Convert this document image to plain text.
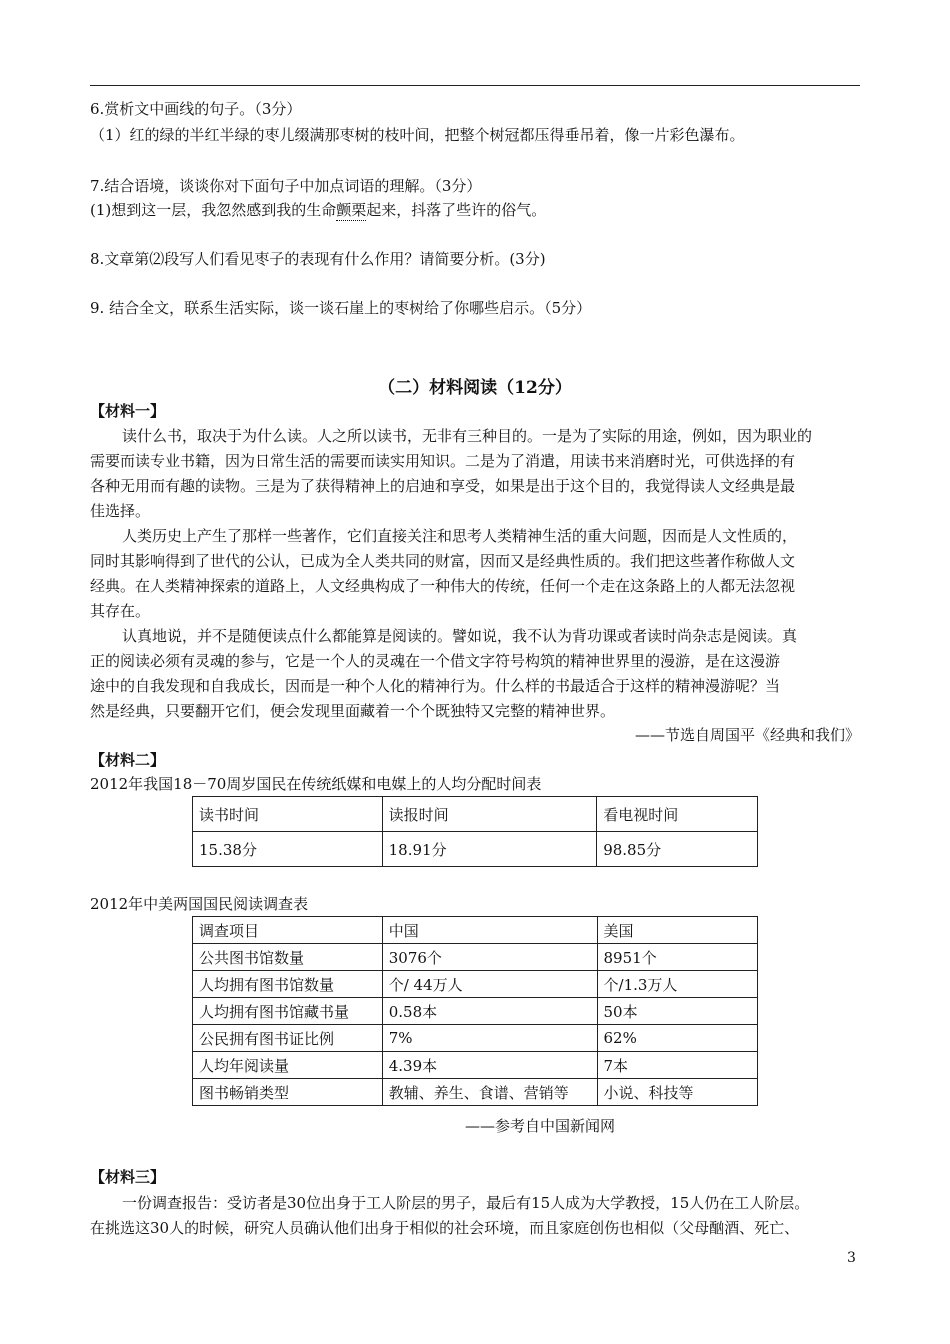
6.赏析文中画线的句子。（3分）
（1）红的绿的半红半绿的枣儿缀满那枣树的枝叶间，把整个树冠都压得垂吊着，像一片彩色瀑布。
7.结合语境，谈谈你对下面句子中加点词语的理解。（3分）
(1)想到这一层，我忽然感到我的生命颤栗起来，抖落了些许的俗气。
8.文章第⑵段写人们看见枣子的表现有什么作用？请简要分析。(3分)
9. 结合全文，联系生活实际，谈一谈石崖上的枣树给了你哪些启示。（5分）
（二）材料阅读（12分）
【材料一】
读什么书，取决于为什么读。人之所以读书，无非有三种目的。一是为了实际的用途，例如，因为职业的
需要而读专业书籍，因为日常生活的需要而读实用知识。二是为了消遣，用读书来消磨时光，可供选择的有
各种无用而有趣的读物。三是为了获得精神上的启迪和享受，如果是出于这个目的，我觉得读人文经典是最
佳选择。
人类历史上产生了那样一些著作，它们直接关注和思考人类精神生活的重大问题，因而是人文性质的，
同时其影响得到了世代的公认，已成为全人类共同的财富，因而又是经典性质的。我们把这些著作称做人文
经典。在人类精神探索的道路上，人文经典构成了一种伟大的传统，任何一个走在这条路上的人都无法忽视
其存在。
认真地说，并不是随便读点什么都能算是阅读的。譬如说，我不认为背功课或者读时尚杂志是阅读。真
正的阅读必须有灵魂的参与，它是一个人的灵魂在一个借文字符号构筑的精神世界里的漫游，是在这漫游
途中的自我发现和自我成长，因而是一种个人化的精神行为。什么样的书最适合于这样的精神漫游呢？当
然是经典，只要翻开它们，便会发现里面藏着一个个既独特又完整的精神世界。
——节选自周国平《经典和我们》
【材料二】
2012年我国18－70周岁国民在传统纸媒和电媒上的人均分配时间表
读书时间	读报时间	看电视时间
15.38分	18.91分	98.85分
2012年中美两国国民阅读调查表
调查项目	中国	美国
公共图书馆数量	3076个	8951个
人均拥有图书馆数量	个/ 44万人	个/1.3万人
人均拥有图书馆藏书量	0.58本	50本
公民拥有图书证比例	7%	62%
人均年阅读量	4.39本	7本
图书畅销类型	教辅、养生、食谱、营销等	小说、科技等
——参考自中国新闻网
【材料三】
一份调查报告：受访者是30位出身于工人阶层的男子，最后有15人成为大学教授，15人仍在工人阶层。
在挑选这30人的时候，研究人员确认他们出身于相似的社会环境，而且家庭创伤也相似（父母酗酒、死亡、
3
